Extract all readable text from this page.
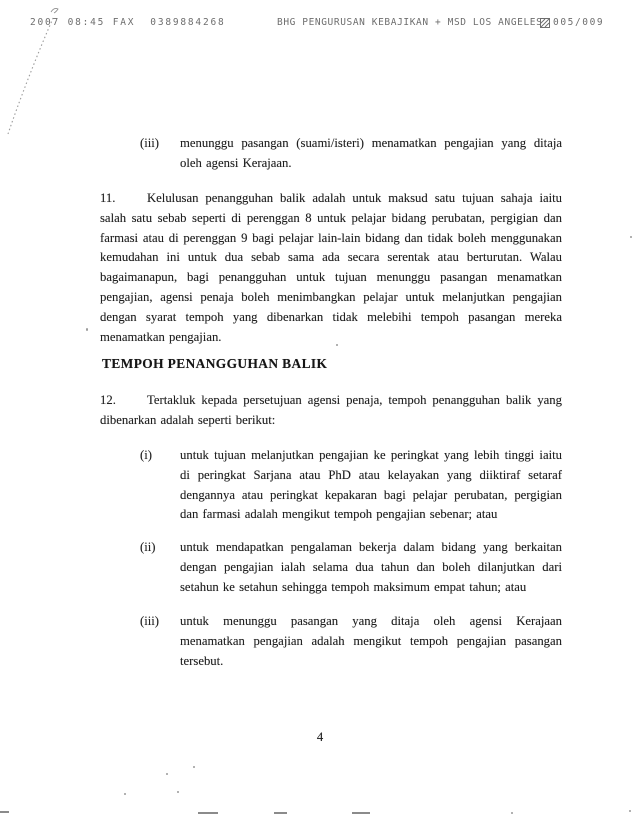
2007 08:45 FAX  0389884268	BHG PENGURUSAN KEBAJIKAN + MSD LOS ANGELES 005/009
(iii)	menunggu pasangan (suami/isteri) menamatkan pengajian yang ditaja oleh agensi Kerajaan.
11. Kelulusan penangguhan balik adalah untuk maksud satu tujuan sahaja iaitu salah satu sebab seperti di perenggan 8 untuk pelajar bidang perubatan, pergigian dan farmasi atau di perenggan 9 bagi pelajar lain-lain bidang dan tidak boleh menggunakan kemudahan ini untuk dua sebab sama ada secara serentak atau berturutan. Walau bagaimanapun, bagi penangguhan untuk tujuan menunggu pasangan menamatkan pengajian, agensi penaja boleh menimbangkan pelajar untuk melanjutkan pengajian dengan syarat tempoh yang dibenarkan tidak melebihi tempoh pasangan mereka menamatkan pengajian.
TEMPOH PENANGGUHAN BALIK
12. Tertakluk kepada persetujuan agensi penaja, tempoh penangguhan balik yang dibenarkan adalah seperti berikut:
(i)	untuk tujuan melanjutkan pengajian ke peringkat yang lebih tinggi iaitu di peringkat Sarjana atau PhD atau kelayakan yang diiktiraf setaraf dengannya atau peringkat kepakaran bagi pelajar perubatan, pergigian dan farmasi adalah mengikut tempoh pengajian sebenar; atau
(ii)	untuk mendapatkan pengalaman bekerja dalam bidang yang berkaitan dengan pengajian ialah selama dua tahun dan boleh dilanjutkan dari setahun ke setahun sehingga tempoh maksimum empat tahun; atau
(iii)	untuk menunggu pasangan yang ditaja oleh agensi Kerajaan menamatkan pengajian adalah mengikut tempoh pengajian pasangan tersebut.
4
